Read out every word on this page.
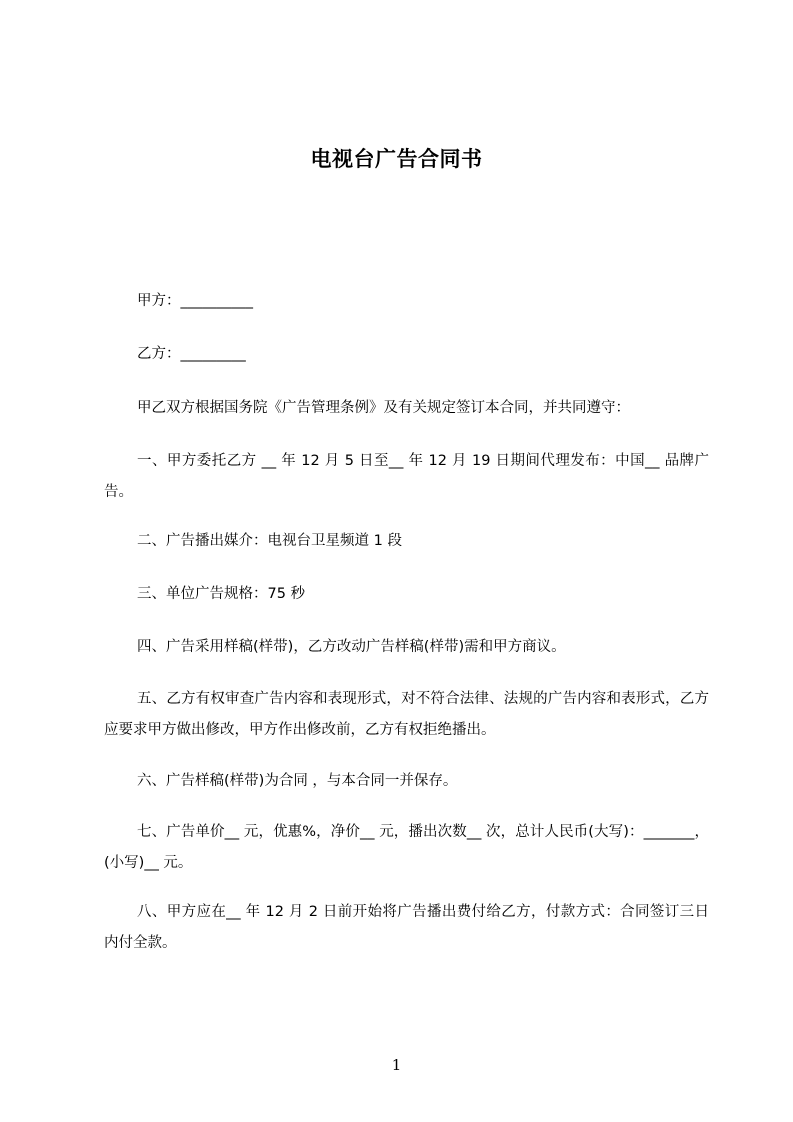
电视台广告合同书
甲方：__________
乙方：_________
甲乙双方根据国务院《广告管理条例》及有关规定签订本合同，并共同遵守：
一、甲方委托乙方 __ 年 12 月 5 日至__ 年 12 月 19 日期间代理发布：中国__ 品牌广告。
二、广告播出媒介：电视台卫星频道 1 段
三、单位广告规格：75 秒
四、广告采用样稿(样带)，乙方改动广告样稿(样带)需和甲方商议。
五、乙方有权审查广告内容和表现形式，对不符合法律、法规的广告内容和表形式，乙方应要求甲方做出修改，甲方作出修改前，乙方有权拒绝播出。
六、广告样稿(样带)为合同 ，与本合同一并保存。
七、广告单价__ 元，优惠%，净价__ 元，播出次数__ 次，总计人民币(大写)：_______，(小写)__ 元。
八、甲方应在__ 年 12 月 2 日前开始将广告播出费付给乙方，付款方式：合同签订三日内付全款。
1
